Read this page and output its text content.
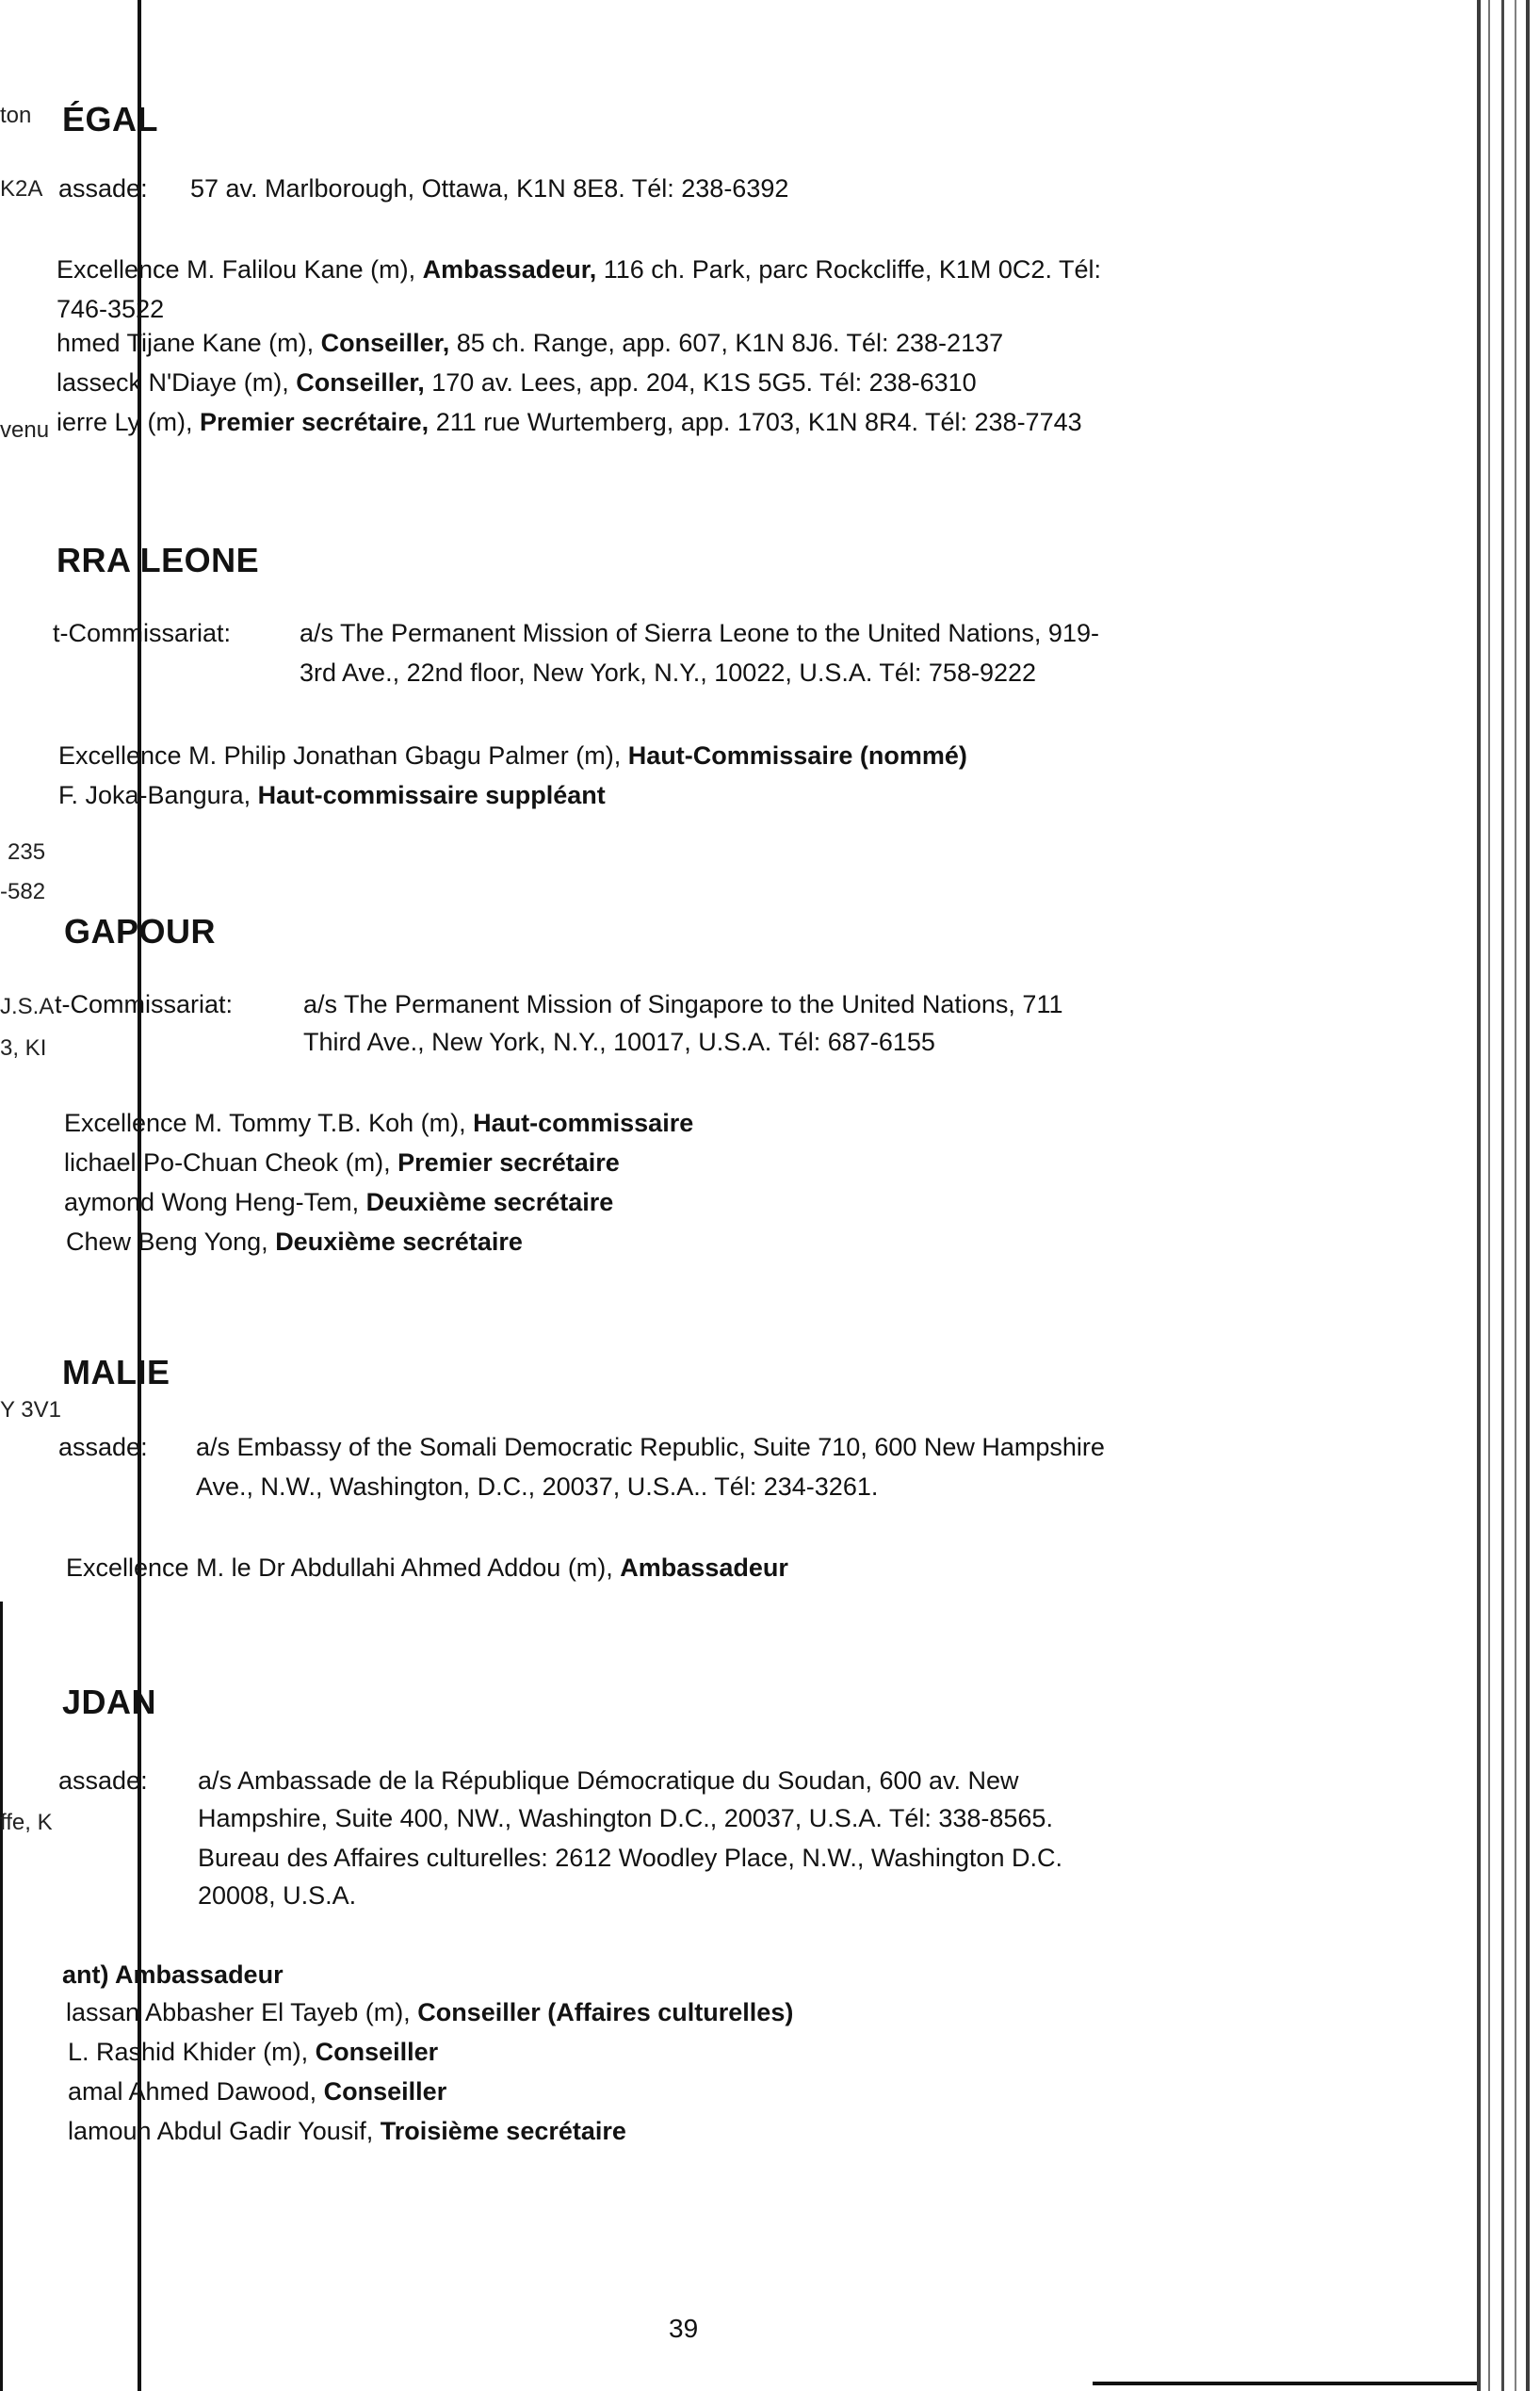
ton
K2A
venu
235
-582
J.S.A
3, KI
Y 3V1
ffe, K
ÉGAL
assade: 57 av. Marlborough, Ottawa, K1N 8E8. Tél: 238-6392
Excellence M. Falilou Kane (m), Ambassadeur, 116 ch. Park, parc Rockcliffe, K1M 0C2. Tél:
746-3522
hmed Tijane Kane (m), Conseiller, 85 ch. Range, app. 607, K1N 8J6. Tél: 238-2137
lasseck N'Diaye (m), Conseiller, 170 av. Lees, app. 204, K1S 5G5. Tél: 238-6310
ierre Ly (m), Premier secrétaire, 211 rue Wurtemberg, app. 1703, K1N 8R4. Tél: 238-7743
RRA LEONE
t-Commissariat:	a/s The Permanent Mission of Sierra Leone to the United Nations, 919-
3rd Ave., 22nd floor, New York, N.Y., 10022, U.S.A. Tél: 758-9222
Excellence M. Philip Jonathan Gbagu Palmer (m), Haut-Commissaire (nommé)
F. Joka-Bangura, Haut-commissaire suppléant
GAPOUR
t-Commissariat:	a/s The Permanent Mission of Singapore to the United Nations, 711
Third Ave., New York, N.Y., 10017, U.S.A. Tél: 687-6155
Excellence M. Tommy T.B. Koh (m), Haut-commissaire
lichael Po-Chuan Cheok (m), Premier secrétaire
aymond Wong Heng-Tem, Deuxième secrétaire
Chew Beng Yong, Deuxième secrétaire
MALIE
assade: a/s Embassy of the Somali Democratic Republic, Suite 710, 600 New Hampshire
Ave., N.W., Washington, D.C., 20037, U.S.A.. Tél: 234-3261.
Excellence M. le Dr Abdullahi Ahmed Addou (m), Ambassadeur
JDAN
assade: a/s Ambassade de la République Démocratique du Soudan, 600 av. New
Hampshire, Suite 400, NW., Washington D.C., 20037, U.S.A. Tél: 338-8565.
Bureau des Affaires culturelles: 2612 Woodley Place, N.W., Washington D.C.
20008, U.S.A.
ant) Ambassadeur
lassan Abbasher El Tayeb (m), Conseiller (Affaires culturelles)
L. Rashid Khider (m), Conseiller
amal Ahmed Dawood, Conseiller
lamoun Abdul Gadir Yousif, Troisième secrétaire
39
